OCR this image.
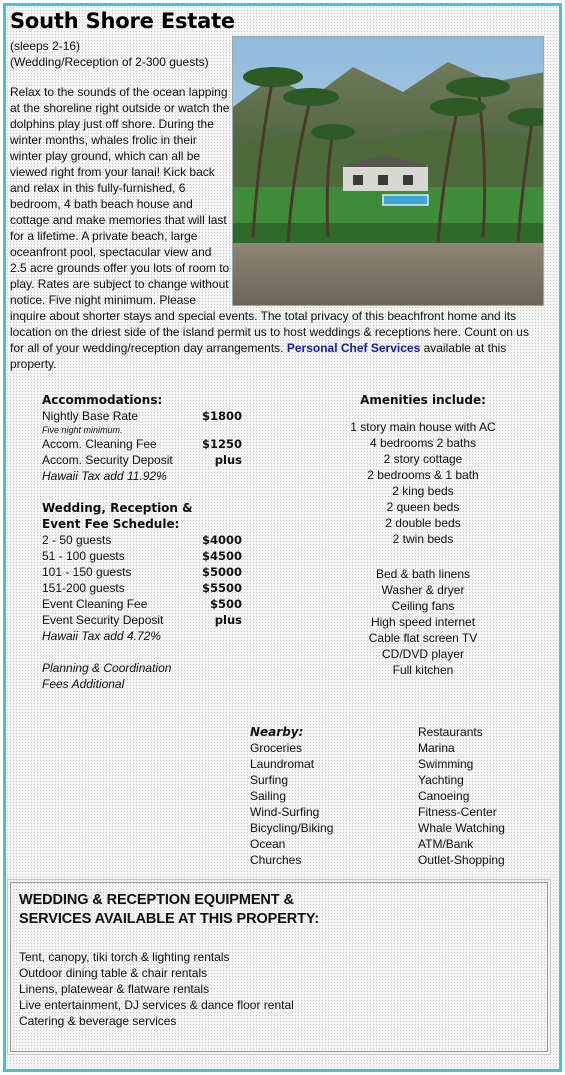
South Shore Estate
(sleeps 2-16)
(Wedding/Reception of 2-300 guests)
Relax to the sounds of the ocean lapping at the shoreline right outside or watch the dolphins play just off shore. During the winter months, whales frolic in their winter play ground, which can all be viewed right from your lanai! Kick back and relax in this fully-furnished, 6 bedroom, 4 bath beach house and cottage and make memories that will last for a lifetime. A private beach, large oceanfront pool, spectacular view and 2.5 acre grounds offer you lots of room to play. Rates are subject to change without notice. Five night minimum. Please inquire about shorter stays and special events. The total privacy of this beachfront home and its location on the driest side of the island permit us to host weddings & receptions here. Count on us for all of your wedding/reception day arrangements. Personal Chef Services available at this property.
Accommodations:
Nightly Base Rate	$1800
Five night minimum.
Accom. Cleaning Fee	$1250
Accom. Security Deposit	plus
Hawaii Tax add 11.92%
Wedding, Reception &
Event Fee Schedule:
2 - 50 guests	$4000
51 - 100 guests	$4500
101 - 150 guests	$5000
151-200 guests	$5500
Event Cleaning Fee	$500
Event Security Deposit	plus
Hawaii Tax add 4.72%
Planning & Coordination
Fees Additional
Amenities include:
1 story main house with AC
4 bedrooms 2 baths
2 story cottage
2 bedrooms & 1 bath
2 king beds
2 queen beds
2 double beds
2 twin beds
Bed & bath linens
Washer & dryer
Ceiling fans
High speed internet
Cable flat screen TV
CD/DVD player
Full kitchen
Nearby:
Groceries
Laundromat
Surfing
Sailing
Wind-Surfing
Bicycling/Biking
Ocean
Churches
Restaurants
Marina
Swimming
Yachting
Canoeing
Fitness-Center
Whale Watching
ATM/Bank
Outlet-Shopping
WEDDING & RECEPTION EQUIPMENT &
SERVICES AVAILABLE AT THIS PROPERTY:
Tent, canopy, tiki torch & lighting rentals
Outdoor dining table & chair rentals
Linens, platewear & flatware rentals
Live entertainment, DJ services & dance floor rental
Catering & beverage services
